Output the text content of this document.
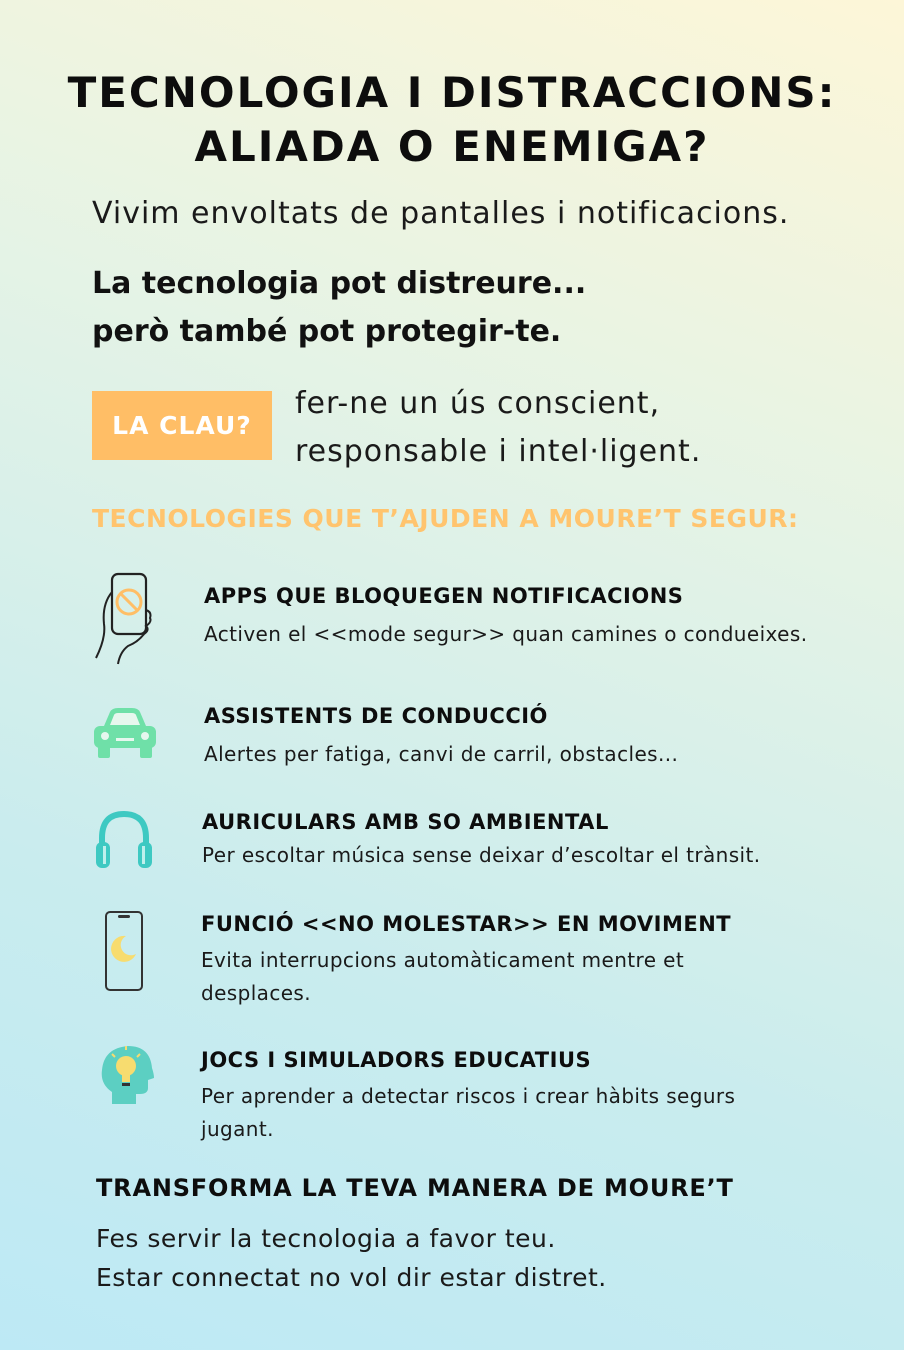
TECNOLOGIA I DISTRACCIONS:
ALIADA O ENEMIGA?
Vivim envoltats de pantalles i notificacions.
La tecnologia pot distreure...
però també pot protegir-te.
LA CLAU?
fer-ne un ús conscient,
responsable i intel·ligent.
TECNOLOGIES QUE T’AJUDEN A MOURE’T SEGUR:
APPS QUE BLOQUEGEN NOTIFICACIONS
Activen el <<mode segur>> quan camines o condueixes.
ASSISTENTS DE CONDUCCIÓ
Alertes per fatiga, canvi de carril, obstacles...
AURICULARS AMB SO AMBIENTAL
Per escoltar música sense deixar d’escoltar el trànsit.
FUNCIÓ <<NO MOLESTAR>> EN MOVIMENT
Evita interrupcions automàticament mentre et
desplaces.
JOCS I SIMULADORS EDUCATIUS
Per aprender a detectar riscos i crear hàbits segurs
jugant.
TRANSFORMA LA TEVA MANERA DE MOURE’T
Fes servir la tecnologia a favor teu.
Estar connectat no vol dir estar distret.
